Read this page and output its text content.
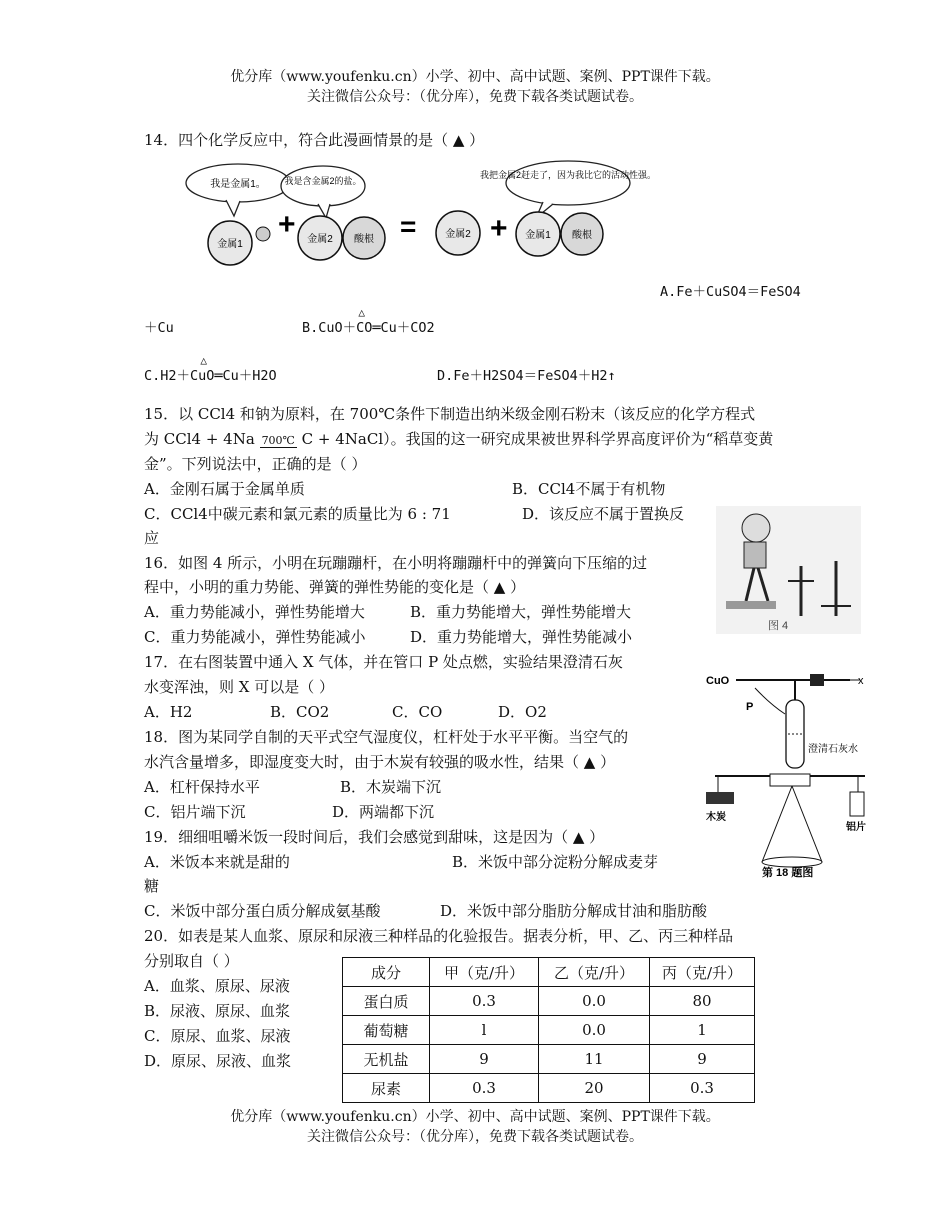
优分库（www.youfenku.cn）小学、初中、高中试题、案例、PPT课件下载。
关注微信公众号：（优分库），免费下载各类试题试卷。
14．四个化学反应中，符合此漫画情景的是（ ▲ ）
我是金属1。
金属1
+
我是含金属2的盐。
金属2 酸根 =	金属2 +
我把金属2赶走了，因为我比它的活动性强。
金属1 酸根
A.Fe＋CuSO4＝FeSO4
＋Cu	B.CuO＋CO
△
═Cu＋CO2
C.H2＋CuO
△
═Cu＋H2O	D.Fe＋H2SO4＝FeSO4＋H2↑
15．以 CCl4 和钠为原料，在 700℃条件下制造出纳米级金刚石粉末（该反应的化学方程式
为 CCl4 + 4Na 700℃ C + 4NaCl）。我国的这一研究成果被世界科学界高度评价为“稻草变黄
金”。下列说法中，正确的是（ ）
A．金刚石属于金属单质	B．CCl4不属于有机物
C．CCl4中碳元素和氯元素的质量比为 6 : 71	D．该反应不属于置换反
应
图 4
16．如图 4 所示，小明在玩蹦蹦杆，在小明将蹦蹦杆中的弹簧向下压缩的过
程中，小明的重力势能、弹簧的弹性势能的变化是（ ▲ ）
A．重力势能减小，弹性势能增大	B．重力势能增大，弹性势能增大
C．重力势能减小，弹性势能减小	D．重力势能增大，弹性势能减小
CuO	x
P
澄清石灰水
17．在右图装置中通入 X 气体，并在管口 P 处点燃，实验结果澄清石灰
水变浑浊，则 X 可以是（ ）
A．H2	B．CO2	C．CO	D．O2
木炭
铝片
第 18 题图
18．图为某同学自制的天平式空气湿度仪，杠杆处于水平平衡。当空气的
水汽含量增多，即湿度变大时，由于木炭有较强的吸水性，结果（ ▲ ）
A．杠杆保持水平	B．木炭端下沉
C．铝片端下沉	D．两端都下沉
19．细细咀嚼米饭一段时间后，我们会感觉到甜味，这是因为（ ▲ ）
A．米饭本来就是甜的	B．米饭中部分淀粉分解成麦芽
糖
C．米饭中部分蛋白质分解成氨基酸	D．米饭中部分脂肪分解成甘油和脂肪酸
20．如表是某人血浆、原尿和尿液三种样品的化验报告。据表分析，甲、乙、丙三种样品
分别取自（ ）
A．血浆、原尿、尿液
B．尿液、原尿、血浆
C．原尿、血浆、尿液
D．原尿、尿液、血浆
成分	甲（克/升）	乙（克/升）	丙（克/升）
蛋白质	0.3	0.0	80
葡萄糖	l	0.0	1
无机盐	9	11	9
尿素	0.3	20	0.3
优分库（www.youfenku.cn）小学、初中、高中试题、案例、PPT课件下载。
关注微信公众号：（优分库），免费下载各类试题试卷。
